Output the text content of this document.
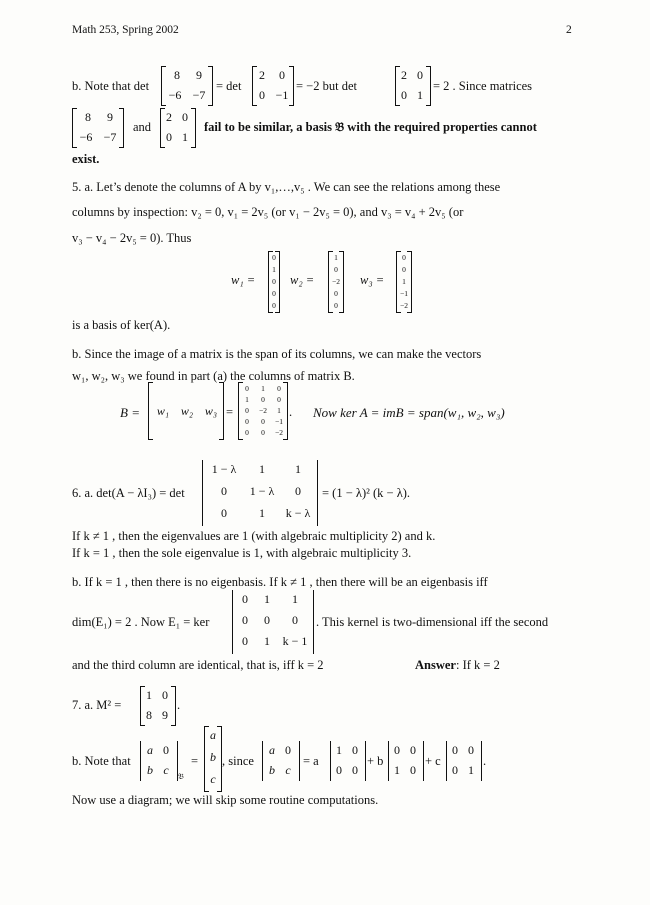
Math 253, Spring 2002	2
b. Note that det
8	9
−6 −7
= det
2	0
0 −1
= −2 but det
2 0
0 1
= 2 . Since matrices
8	9
−6 −7
and
2 0
0 1
fail to be similar, a basis 𝔅 with the required properties cannot
exist.
5. a. Let’s denote the columns of A by v₁,…,v₅ . We can see the relations among these
columns by inspection: v₂ = 0, v₁ = 2v₅ (or v₁ − 2v₅ = 0), and v₃ = v₄ + 2v₅ (or
v₃ − v₄ − 2v₅ = 0). Thus
w₁ =
0
1
0
0
0
w₂ =
1
0
−2
0
0
w₃ =
0
0
1
−1
−2
is a basis of ker(A).
b. Since the image of a matrix is the span of its columns, we can make the vectors
w₁, w₂, w₃ we found in part (a) the columns of matrix B.
B =	w₁ w₂ w₃ =
0	1	0
1	0	0
0	−2	1
0	0	−1
0	0	−2
. Now ker A = imB = span(w₁, w₂, w₃)
6. a. det(A − λI₃) = det
1 − λ	1	1
0	1 − λ	0
0	1	k − λ
= (1 − λ)² (k − λ).
If k ≠ 1 , then the eigenvalues are 1 (with algebraic multiplicity 2) and k.
If k = 1 , then the sole eigenvalue is 1, with algebraic multiplicity 3.
b. If k = 1 , then there is no eigenbasis. If k ≠ 1 , then there will be an eigenbasis iff
dim(E₁) = 2 . Now E₁ = ker
0	1	1
0	0	0
0	1	k − 1
. This kernel is two-dimensional iff the second
and the third column are identical, that is, iff k = 2	Answer: If k = 2
7. a. M² =
1 0
8 9
.
b. Note that
a 0
b c	𝔅
=
a
b
c
, since
a 0
b c
= a
1 0
0 0
+ b
0 0
1 0
+ c
0 0
0 1
.
Now use a diagram; we will skip some routine computations.
